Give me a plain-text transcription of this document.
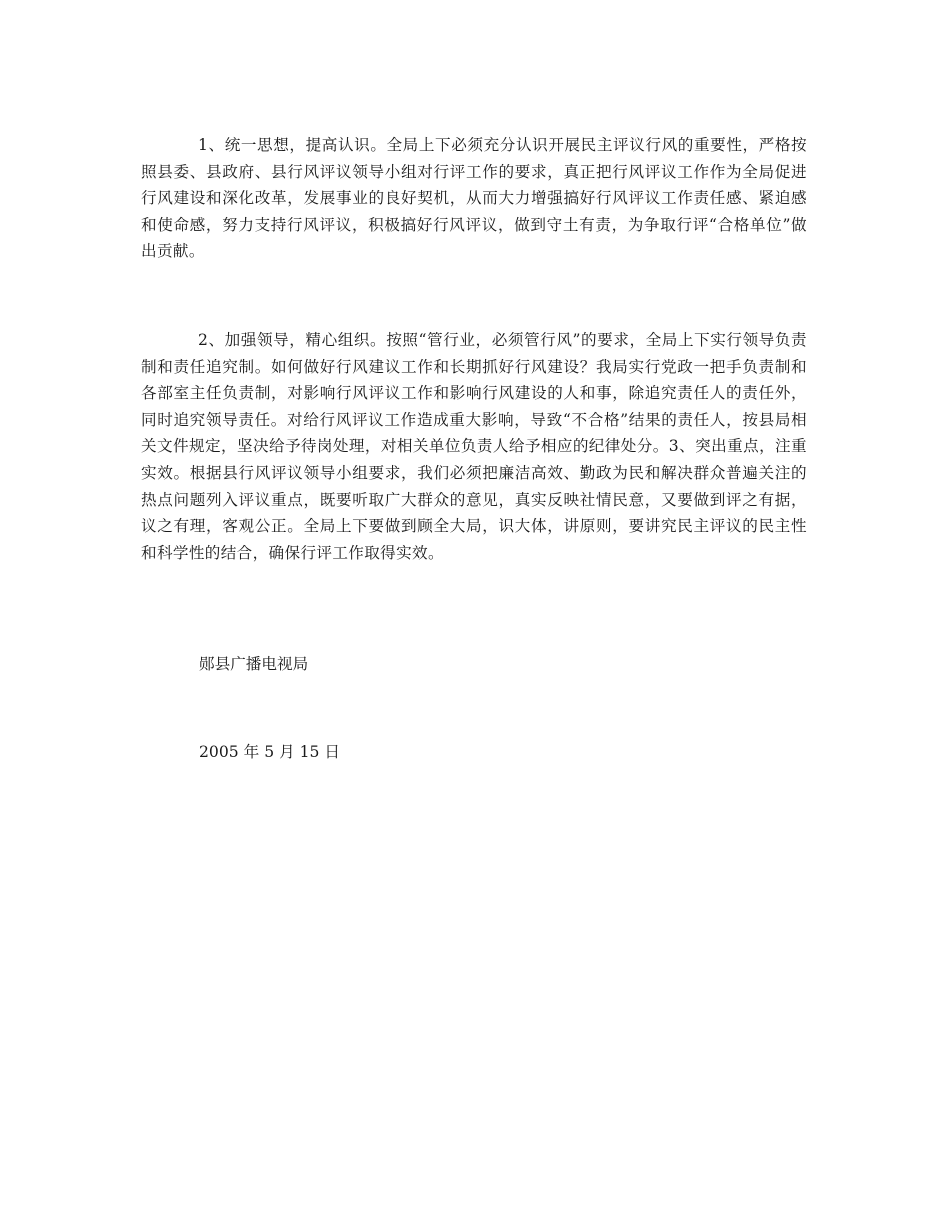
1、统一思想，提高认识。全局上下必须充分认识开展民主评议行风的重要性，严格按照县委、县政府、县行风评议领导小组对行评工作的要求，真正把行风评议工作作为全局促进行风建设和深化改革，发展事业的良好契机，从而大力增强搞好行风评议工作责任感、紧迫感和使命感，努力支持行风评议，积极搞好行风评议，做到守土有责，为争取行评“合格单位”做出贡献。

2、加强领导，精心组织。按照“管行业，必须管行风”的要求，全局上下实行领导负责制和责任追究制。如何做好行风建议工作和长期抓好行风建设？我局实行党政一把手负责制和各部室主任负责制，对影响行风评议工作和影响行风建设的人和事，除追究责任人的责任外，同时追究领导责任。对给行风评议工作造成重大影响，导致“不合格”结果的责任人，按县局相关文件规定，坚决给予待岗处理，对相关单位负责人给予相应的纪律处分。3、突出重点，注重实效。根据县行风评议领导小组要求，我们必须把廉洁高效、勤政为民和解决群众普遍关注的热点问题列入评议重点，既要听取广大群众的意见，真实反映社情民意，又要做到评之有据，议之有理，客观公正。全局上下要做到顾全大局，识大体，讲原则，要讲究民主评议的民主性和科学性的结合，确保行评工作取得实效。

郧县广播电视局

2005 年 5 月 15 日
